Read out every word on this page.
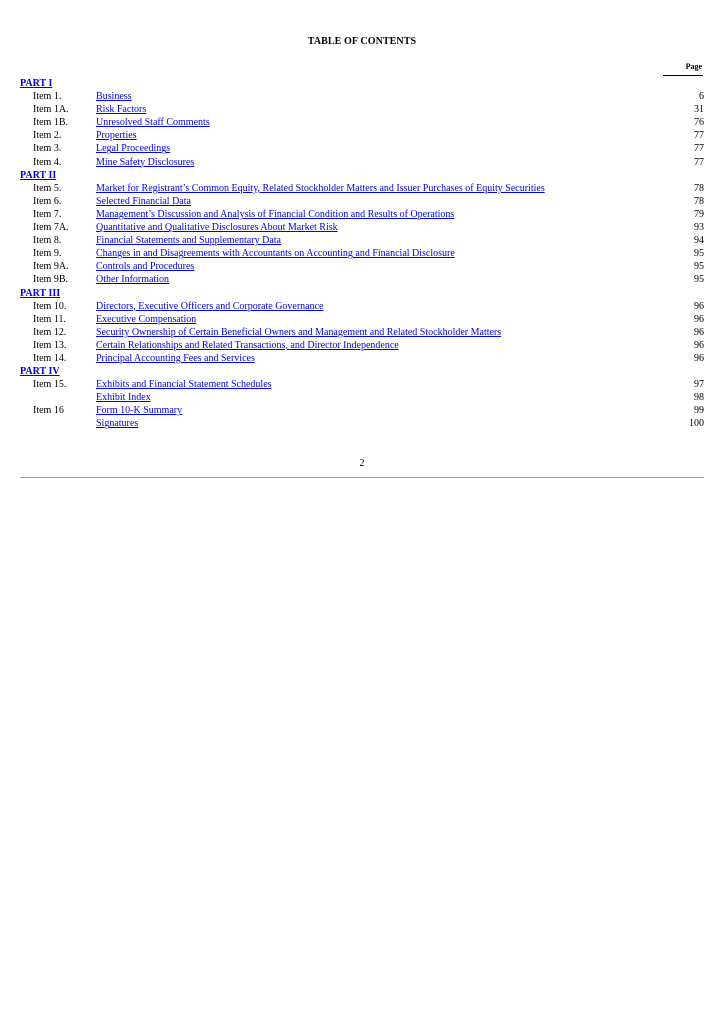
TABLE OF CONTENTS
Page
PART I
Item 1.	Business	6
Item 1A.	Risk Factors	31
Item 1B.	Unresolved Staff Comments	76
Item 2.	Properties	77
Item 3.	Legal Proceedings	77
Item 4.	Mine Safety Disclosures	77
PART II
Item 5.	Market for Registrant’s Common Equity, Related Stockholder Matters and Issuer Purchases of Equity Securities	78
Item 6.	Selected Financial Data	78
Item 7.	Management’s Discussion and Analysis of Financial Condition and Results of Operations	79
Item 7A.	Quantitative and Qualitative Disclosures About Market Risk	93
Item 8.	Financial Statements and Supplementary Data	94
Item 9.	Changes in and Disagreements with Accountants on Accounting and Financial Disclosure	95
Item 9A.	Controls and Procedures	95
Item 9B.	Other Information	95
PART III
Item 10.	Directors, Executive Officers and Corporate Governance	96
Item 11.	Executive Compensation	96
Item 12.	Security Ownership of Certain Beneficial Owners and Management and Related Stockholder Matters	96
Item 13.	Certain Relationships and Related Transactions, and Director Independence	96
Item 14.	Principal Accounting Fees and Services	96
PART IV
Item 15.	Exhibits and Financial Statement Schedules	97
Exhibit Index	98
Item 16	Form 10-K Summary	99
Signatures	100
2
